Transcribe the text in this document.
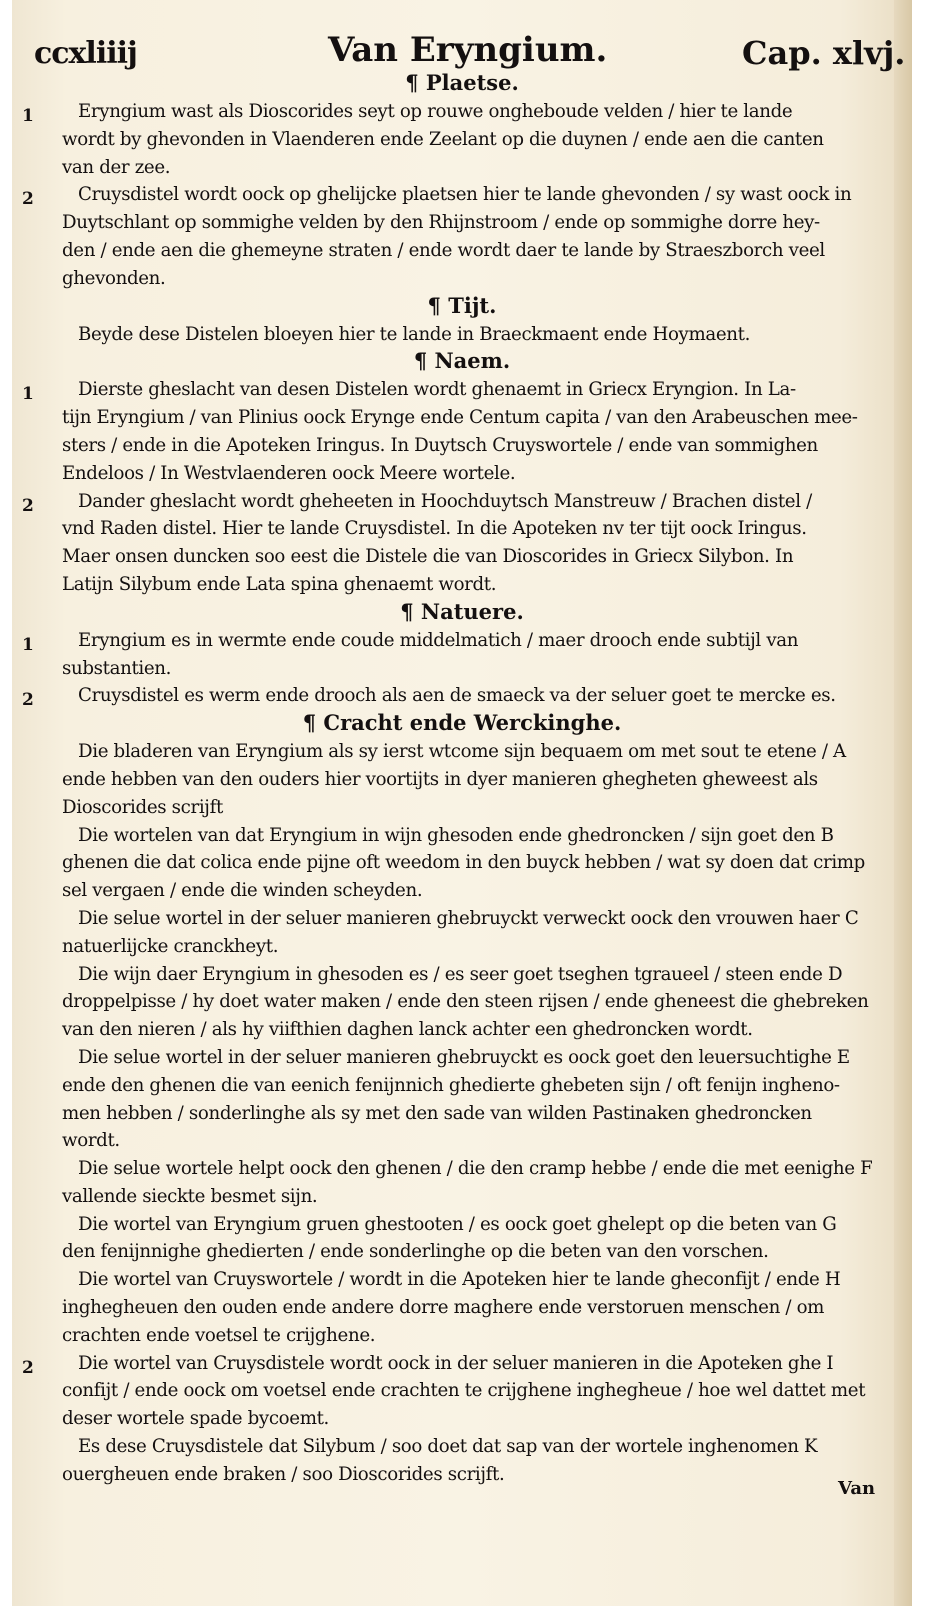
ccxliiij	Van Eryngium.	Cap. xlvj.
¶ Plaetse.
1	Eryngium wast als Dioscorides seyt op rouwe ongheboude velden / hier te lande
wordt by ghevonden in Vlaenderen ende Zeelant op die duynen / ende aen die canten
van der zee.
2	Cruysdistel wordt oock op ghelijcke plaetsen hier te lande ghevonden / sy wast oock in
Duytschlant op sommighe velden by den Rhijnstroom / ende op sommighe dorre hey-
den / ende aen die ghemeyne straten / ende wordt daer te lande by Straeszborch veel
ghevonden.
¶ Tijt.
Beyde dese Distelen bloeyen hier te lande in Braeckmaent ende Hoymaent.
¶ Naem.
1	Dierste gheslacht van desen Distelen wordt ghenaemt in Griecx Eryngion. In La-
tijn Eryngium / van Plinius oock Erynge ende Centum capita / van den Arabeuschen mee-
sters / ende in die Apoteken Iringus. In Duytsch Cruyswortele / ende van sommighen
Endeloos / In Westvlaenderen oock Meere wortele.
2	Dander gheslacht wordt gheheeten in Hoochduytsch Manstreuw / Brachen distel /
vnd Raden distel. Hier te lande Cruysdistel. In die Apoteken nv ter tijt oock Iringus.
Maer onsen duncken soo eest die Distele die van Dioscorides in Griecx Silybon. In
Latijn Silybum ende Lata spina ghenaemt wordt.
¶ Natuere.
1	Eryngium es in wermte ende coude middelmatich / maer drooch ende subtijl van
substantien.
2	Cruysdistel es werm ende drooch als aen de smaeck va der seluer goet te mercke es.
¶ Cracht ende Werckinghe.
Die bladeren van Eryngium als sy ierst wtcome sijn bequaem om met sout te etene / A
ende hebben van den ouders hier voortijts in dyer manieren ghegheten gheweest als
Dioscorides scrijft
Die wortelen van dat Eryngium in wijn ghesoden ende ghedroncken / sijn goet den B
ghenen die dat colica ende pijne oft weedom in den buyck hebben / wat sy doen dat crimp
sel vergaen / ende die winden scheyden.
Die selue wortel in der seluer manieren ghebruyckt verweckt oock den vrouwen haer C
natuerlijcke cranckheyt.
Die wijn daer Eryngium in ghesoden es / es seer goet tseghen tgraueel / steen ende D
droppelpisse / hy doet water maken / ende den steen rijsen / ende gheneest die ghebreken
van den nieren / als hy viifthien daghen lanck achter een ghedroncken wordt.
Die selue wortel in der seluer manieren ghebruyckt es oock goet den leuersuchtighe E
ende den ghenen die van eenich fenijnnich ghedierte ghebeten sijn / oft fenijn ingheno-
men hebben / sonderlinghe als sy met den sade van wilden Pastinaken ghedroncken
wordt.
Die selue wortele helpt oock den ghenen / die den cramp hebbe / ende die met eenighe F
vallende sieckte besmet sijn.
Die wortel van Eryngium gruen ghestooten / es oock goet ghelept op die beten van G
den fenijnnighe ghedierten / ende sonderlinghe op die beten van den vorschen.
Die wortel van Cruyswortele / wordt in die Apoteken hier te lande gheconfijt / ende H
inghegheuen den ouden ende andere dorre maghere ende verstoruen menschen / om
crachten ende voetsel te crijghene.
2	Die wortel van Cruysdistele wordt oock in der seluer manieren in die Apoteken ghe I
confijt / ende oock om voetsel ende crachten te crijghene inghegheue / hoe wel dattet met
deser wortele spade bycoemt.
Es dese Cruysdistele dat Silybum / soo doet dat sap van der wortele inghenomen K
ouergheuen ende braken / soo Dioscorides scrijft.
Van
